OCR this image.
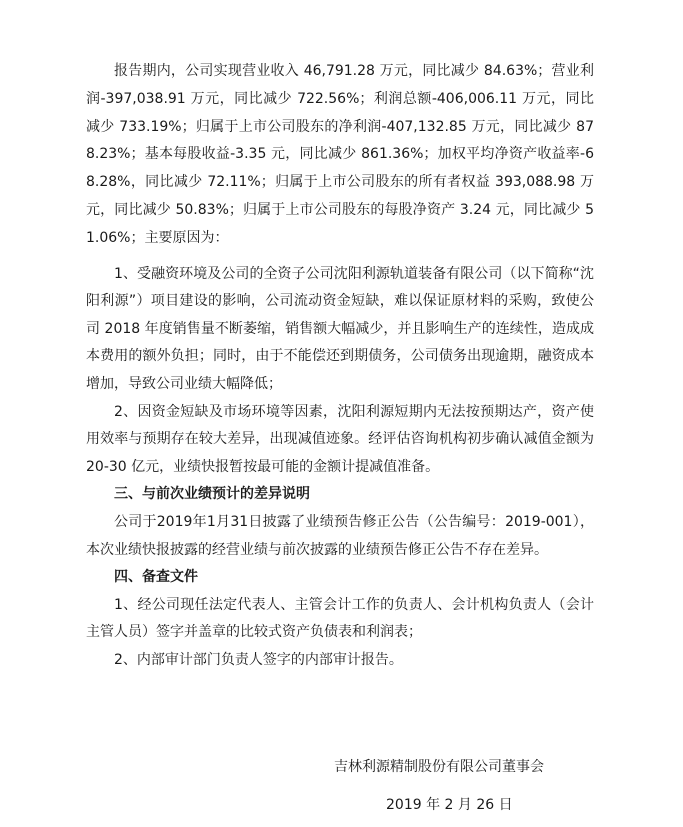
报告期内，公司实现营业收入 46,791.28 万元，同比减少 84.63%；营业利润-397,038.91 万元，同比减少 722.56%；利润总额-406,006.11 万元，同比减少 733.19%；归属于上市公司股东的净利润-407,132.85 万元，同比减少 878.23%；基本每股收益-3.35 元，同比减少 861.36%；加权平均净资产收益率-68.28%，同比减少 72.11%；归属于上市公司股东的所有者权益 393,088.98 万元，同比减少 50.83%；归属于上市公司股东的每股净资产 3.24 元，同比减少 51.06%；主要原因为：

1、受融资环境及公司的全资子公司沈阳利源轨道装备有限公司（以下简称“沈阳利源”）项目建设的影响，公司流动资金短缺，难以保证原材料的采购，致使公司 2018 年度销售量不断萎缩，销售额大幅减少，并且影响生产的连续性，造成成本费用的额外负担；同时，由于不能偿还到期债务，公司债务出现逾期，融资成本增加，导致公司业绩大幅降低；

2、因资金短缺及市场环境等因素，沈阳利源短期内无法按预期达产，资产使用效率与预期存在较大差异，出现减值迹象。经评估咨询机构初步确认减值金额为 20-30 亿元，业绩快报暂按最可能的金额计提减值准备。

三、与前次业绩预计的差异说明

公司于2019年1月31日披露了业绩预告修正公告（公告编号：2019-001），本次业绩快报披露的经营业绩与前次披露的业绩预告修正公告不存在差异。

四、备查文件

1、经公司现任法定代表人、主管会计工作的负责人、会计机构负责人（会计主管人员）签字并盖章的比较式资产负债表和利润表；

2、内部审计部门负责人签字的内部审计报告。

吉林利源精制股份有限公司董事会
2019 年 2 月 26 日
